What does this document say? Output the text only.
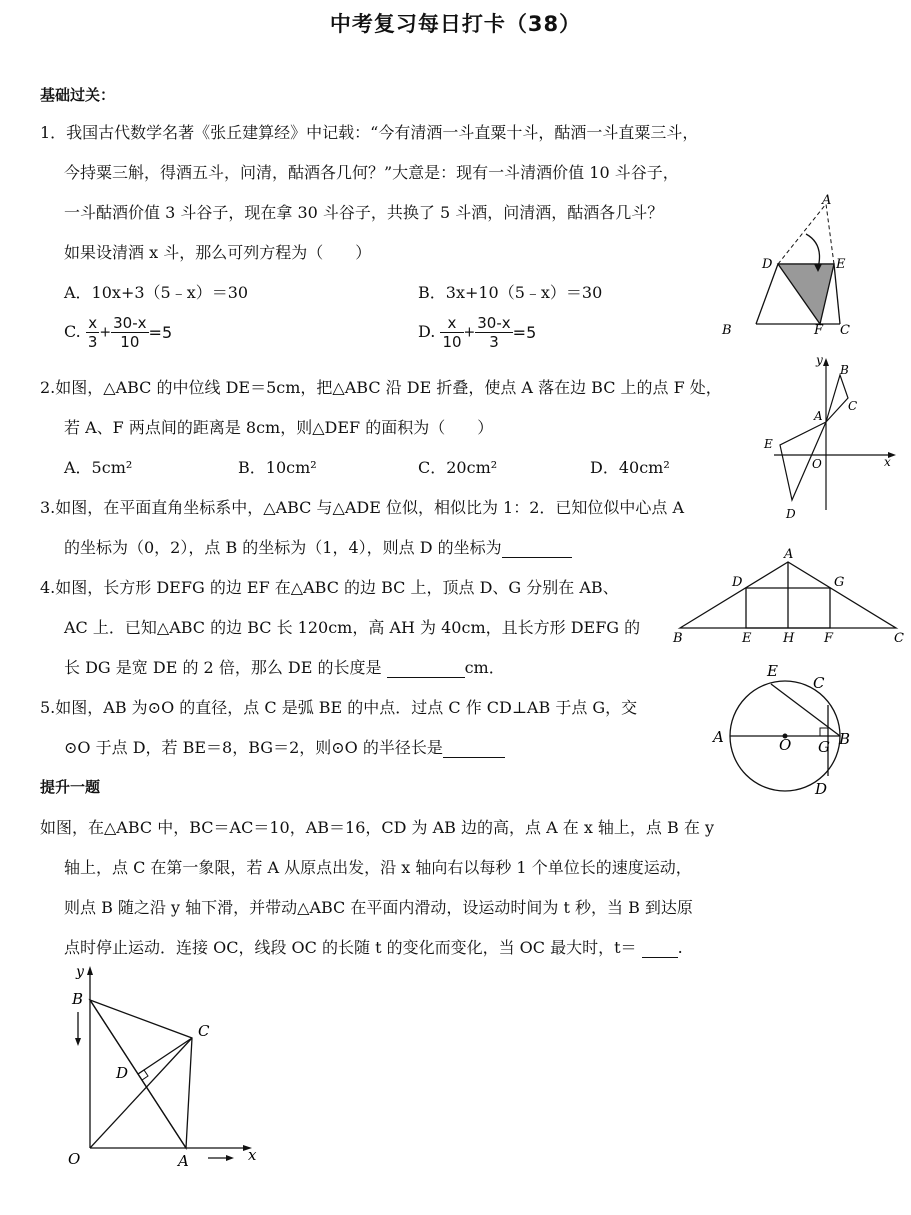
中考复习每日打卡（38）
基础过关：
1．我国古代数学名著《张丘建算经》中记载：“今有清酒一斗直粟十斗，酤酒一斗直粟三斗，
今持粟三斛，得酒五斗，问清，酤酒各几何？”大意是：现有一斗清酒价值 10 斗谷子，
一斗酤酒价值 3 斗谷子，现在拿 30 斗谷子，共换了 5 斗酒，问清酒，酤酒各几斗？
如果设清酒 x 斗，那么可列方程为（　　）
A．10x+3（5﹣x）＝30	B．3x+10（5﹣x）＝30
C. $\frac{x}{3} + \frac{30-x}{10} =5$	D. $\frac{x}{10} + \frac{30-x}{3} =5$
2.如图，△ABC 的中位线 DE＝5cm，把△ABC 沿 DE 折叠，使点 A 落在边 BC 上的点 F 处，
若 A、F 两点间的距离是 8cm，则△DEF 的面积为（　　）
A．5cm²	B．10cm²	C．20cm²	D．40cm²
3.如图，在平面直角坐标系中，△ABC 与△ADE 位似，相似比为 1：2．已知位似中心点 A
的坐标为（0，2），点 B 的坐标为（1，4），则点 D 的坐标为
4.如图，长方形 DEFG 的边 EF 在△ABC 的边 BC 上，顶点 D、G 分别在 AB、
AC 上．已知△ABC 的边 BC 长 120cm，高 AH 为 40cm，且长方形 DEFG 的
长 DG 是宽 DE 的 2 倍，那么 DE 的长度是	cm．
5.如图，AB 为⊙O 的直径，点 C 是弧 BE 的中点．过点 C 作 CD⊥AB 于点 G，交
⊙O 于点 D，若 BE＝8，BG＝2，则⊙O 的半径长是
提升一题
如图，在△ABC 中，BC＝AC＝10，AB＝16，CD 为 AB 边的高，点 A 在 x 轴上，点 B 在 y
轴上，点 C 在第一象限，若 A 从原点出发，沿 x 轴向右以每秒 1 个单位长的速度运动，
则点 B 随之沿 y 轴下滑，并带动△ABC 在平面内滑动，设运动时间为 t 秒，当 B 到达原
点时停止运动．连接 OC，线段 OC 的长随 t 的变化而变化，当 OC 最大时，t＝	.
A
D	E
B	F C
y
x
A
B
C
E
O
D
A
D	G
B	E H F	C
E
C
A	O G B
D
y
B
C
D
O	A	x
